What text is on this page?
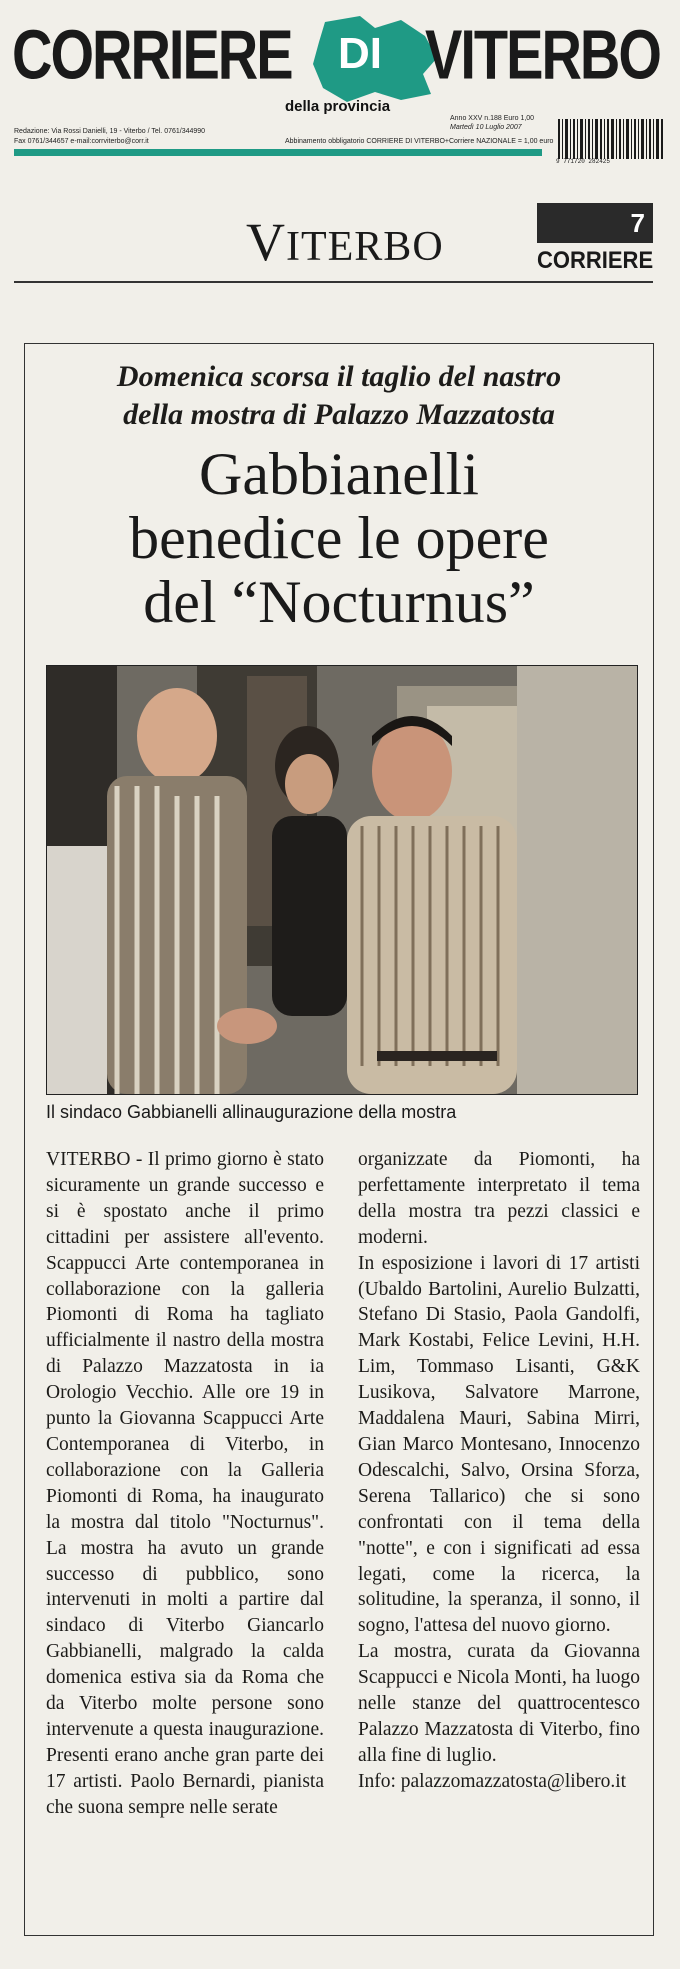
CORRIERE DI VITERBO
della provincia
Redazione: Via Rossi Danielli, 19 - Viterbo / Tel. 0761/344990
Fax 0761/344657 e-mail:corrviterbo@corr.it
Anno XXV n.188 Euro 1,00
Martedì 10 Luglio 2007
Abbinamento obbligatorio CORRIERE DI VITERBO+Corriere NAZIONALE = 1,00 euro
9 771720 282425
VITERBO
7
CORRIERE
Domenica scorsa il taglio del nastro
della mostra di Palazzo Mazzatosta
Gabbianelli
benedice le opere
del “Nocturnus”
Il sindaco Gabbianelli allinaugurazione della mostra

VITERBO - Il primo giorno è stato sicuramente un grande successo e si è spostato anche il primo cittadini per assistere all'evento. Scappucci Arte contemporanea in collaborazione con la galleria Piomonti di Roma ha tagliato ufficialmente il nastro della mostra di Palazzo Mazzatosta in ia Orologio Vecchio. Alle ore 19 in punto la Giovanna Scappucci Arte Contemporanea di Viterbo, in collaborazione con la Galleria Piomonti di Roma, ha inaugurato la mostra dal titolo "Nocturnus". La mostra ha avuto un grande successo di pubblico, sono intervenuti in molti a partire dal sindaco di Viterbo Giancarlo Gabbianelli, malgrado la calda domenica estiva sia da Roma che da Viterbo molte persone sono intervenute a questa inaugurazione. Presenti erano anche gran parte dei 17 artisti. Paolo Bernardi, pianista che suona sempre nelle serate

organizzate da Piomonti, ha perfettamente interpretato il tema della mostra tra pezzi classici e moderni.

In esposizione i lavori di 17 artisti (Ubaldo Bartolini, Aurelio Bulzatti, Stefano Di Stasio, Paola Gandolfi, Mark Kostabi, Felice Levini, H.H. Lim, Tommaso Lisanti, G&K Lusikova, Salvatore Marrone, Maddalena Mauri, Sabina Mirri, Gian Marco Montesano, Innocenzo Odescalchi, Salvo, Orsina Sforza, Serena Tallarico) che si sono confrontati con il tema della "notte", e con i significati ad essa legati, come la ricerca, la solitudine, la speranza, il sonno, il sogno, l'attesa del nuovo giorno.

La mostra, curata da Giovanna Scappucci e Nicola Monti, ha luogo nelle stanze del quattrocentesco Palazzo Mazzatosta di Viterbo, fino alla fine di luglio.

Info: palazzomazzatosta@libero.it
